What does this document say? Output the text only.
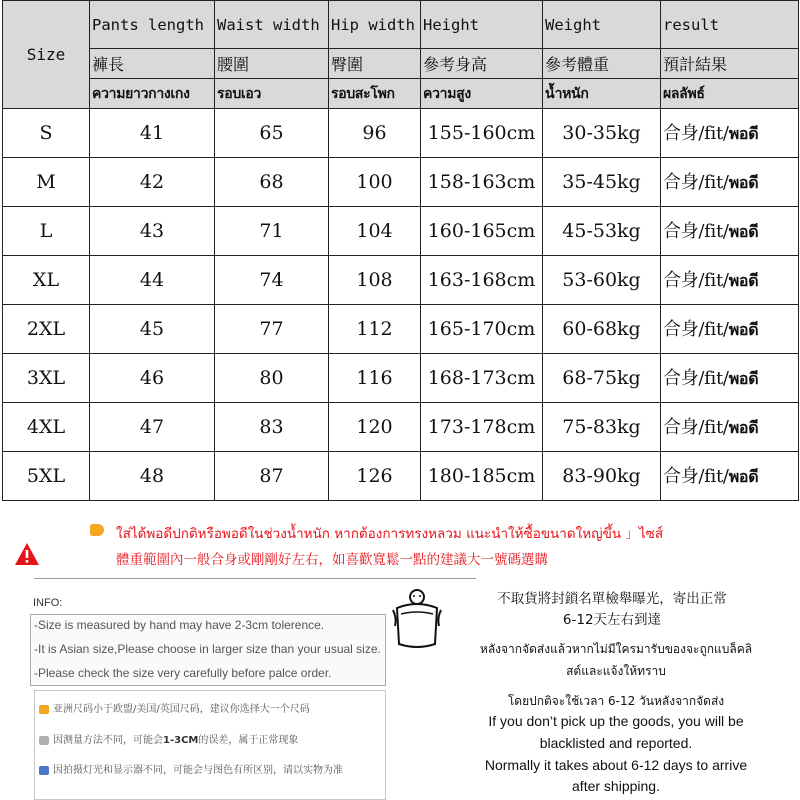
Size	Pants length	Waist width	Hip width	Height	Weight	result
	褲長	腰圍	臀圍	參考身高	參考體重	預計結果
	ความยาวกางเกง	รอบเอว	รอบสะโพก	ความสูง	น้ำหนัก	ผลลัพธ์
S	41	65	96	155-160cm	30-35kg	合身/fit/พอดี
M	42	68	100	158-163cm	35-45kg	合身/fit/พอดี
L	43	71	104	160-165cm	45-53kg	合身/fit/พอดี
XL	44	74	108	163-168cm	53-60kg	合身/fit/พอดี
2XL	45	77	112	165-170cm	60-68kg	合身/fit/พอดี
3XL	46	80	116	168-173cm	68-75kg	合身/fit/พอดี
4XL	47	83	120	173-178cm	75-83kg	合身/fit/พอดี
5XL	48	87	126	180-185cm	83-90kg	合身/fit/พอดี
ใส่ได้พอดีปกติหรือพอดีในช่วงน้ำหนัก หากต้องการทรงหลวม แนะนำให้ซื้อขนาดใหญ่ขึ้น 」ไซส์
體重範圍內一般合身或剛剛好左右，如喜歡寬鬆一點的建議大一號碼選購
INFO:
-Size is measured by hand may have 2-3cm tolerence.
-It is Asian size,Please choose in larger size than your usual size.
-Please check the size very carefully before palce order.
亚洲尺码小于欧盟/美国/英国尺码，建议你选择大一个尺码
因测量方法不同，可能会1-3CM的误差，属于正常现象
因拍摄灯光和显示器不同，可能会与图色有所区别，请以实物为准
不取貨將封鎖名單檢舉曝光，寄出正常
6-12天左右到達
หลังจากจัดส่งแล้วหากไม่มีใครมารับของจะถูกแบล็คลิ
สต์และแจ้งให้ทราบ
โดยปกติจะใช้เวลา 6-12 วันหลังจากจัดส่ง
If you don’t pick up the goods, you will be
blacklisted and reported.
Normally it takes about 6-12 days to arrive
after shipping.
